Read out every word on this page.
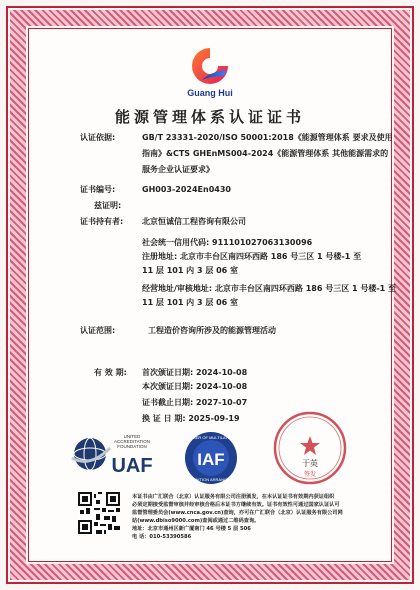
Guang Hui
能源管理体系认证证书
认证依据:	GB/T 23331-2020/ISO 50001:2018《能源管理体系 要求及使用
指南》&CTS GHEnMS004-2024《能源管理体系 其他能源需求的
服务企业认证要求》
证书编号:	GH003-2024En0430
兹证明:
证书持有者: 北京恒诚信工程咨询有限公司
社会统一信用代码: 911101027063130096
注册地址: 北京市丰台区南四环西路 186 号三区 1 号楼-1 至
11 层 101 内 3 层 06 室
经营地址/审核地址: 北京市丰台区南四环西路 186 号三区 1 号楼-1 至
11 层 101 内 3 层 06 室
认证范围:	工程造价咨询所涉及的能源管理活动
有 效 期: 首次颁证日期: 2024-10-08
本次颁证日期: 2024-10-08
证书截止日期: 2027-10-07
换 证 日 期: 2025-09-19
UNITED
ACCREDITATION
FOUNDATION
UAF
MEMBER OF MULTILATERAL
RECOGNITION ARRANGEMENT
IAF	于英
签发
本证书由广汇联合（北京）认证服务有限公司注册颁发，在本认证证书有效期内获证组织
必须定期接受监督审核并经审核合格后本证书方继续有效。证书有效性可通过国家认证认可
监督管理委员会(www.cnca.gov.cn)查询，亦可在广汇联合（北京）认证服务有限公司网
站(www.dbiso9000.com)查阅或通过二维码查询。
地址：北京市通州区新广厦南门 46 号楼 5 层 506
电 话：010-53390586
